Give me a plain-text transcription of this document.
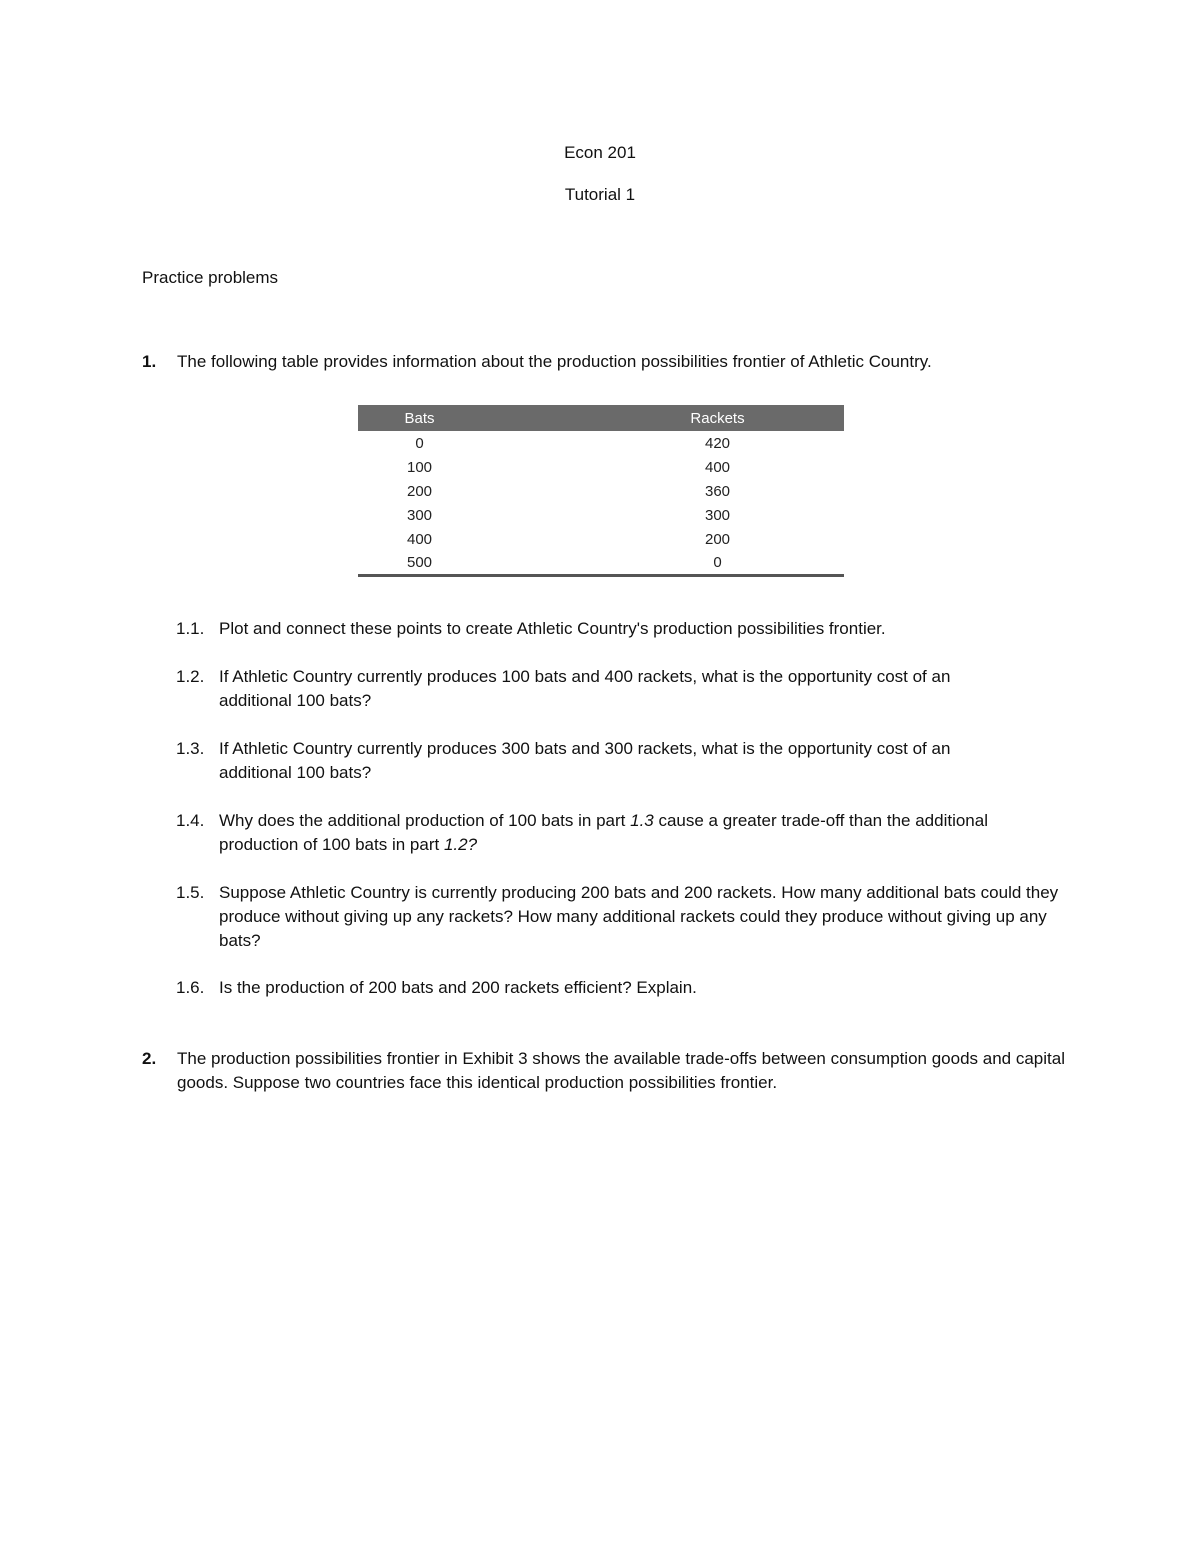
Econ 201
Tutorial 1
Practice problems
1. The following table provides information about the production possibilities frontier of Athletic Country.
Bats	Rackets
0	420
100	400
200	360
300	300
400	200
500	0
1.1. Plot and connect these points to create Athletic Country's production possibilities frontier.
1.2. If Athletic Country currently produces 100 bats and 400 rackets, what is the opportunity cost of an additional 100 bats?
1.3. If Athletic Country currently produces 300 bats and 300 rackets, what is the opportunity cost of an additional 100 bats?
1.4. Why does the additional production of 100 bats in part 1.3 cause a greater trade-off than the additional production of 100 bats in part 1.2?
1.5. Suppose Athletic Country is currently producing 200 bats and 200 rackets. How many additional bats could they produce without giving up any rackets? How many additional rackets could they produce without giving up any bats?
1.6. Is the production of 200 bats and 200 rackets efficient? Explain.
2. The production possibilities frontier in Exhibit 3 shows the available trade-offs between consumption goods and capital goods. Suppose two countries face this identical production possibilities frontier.
